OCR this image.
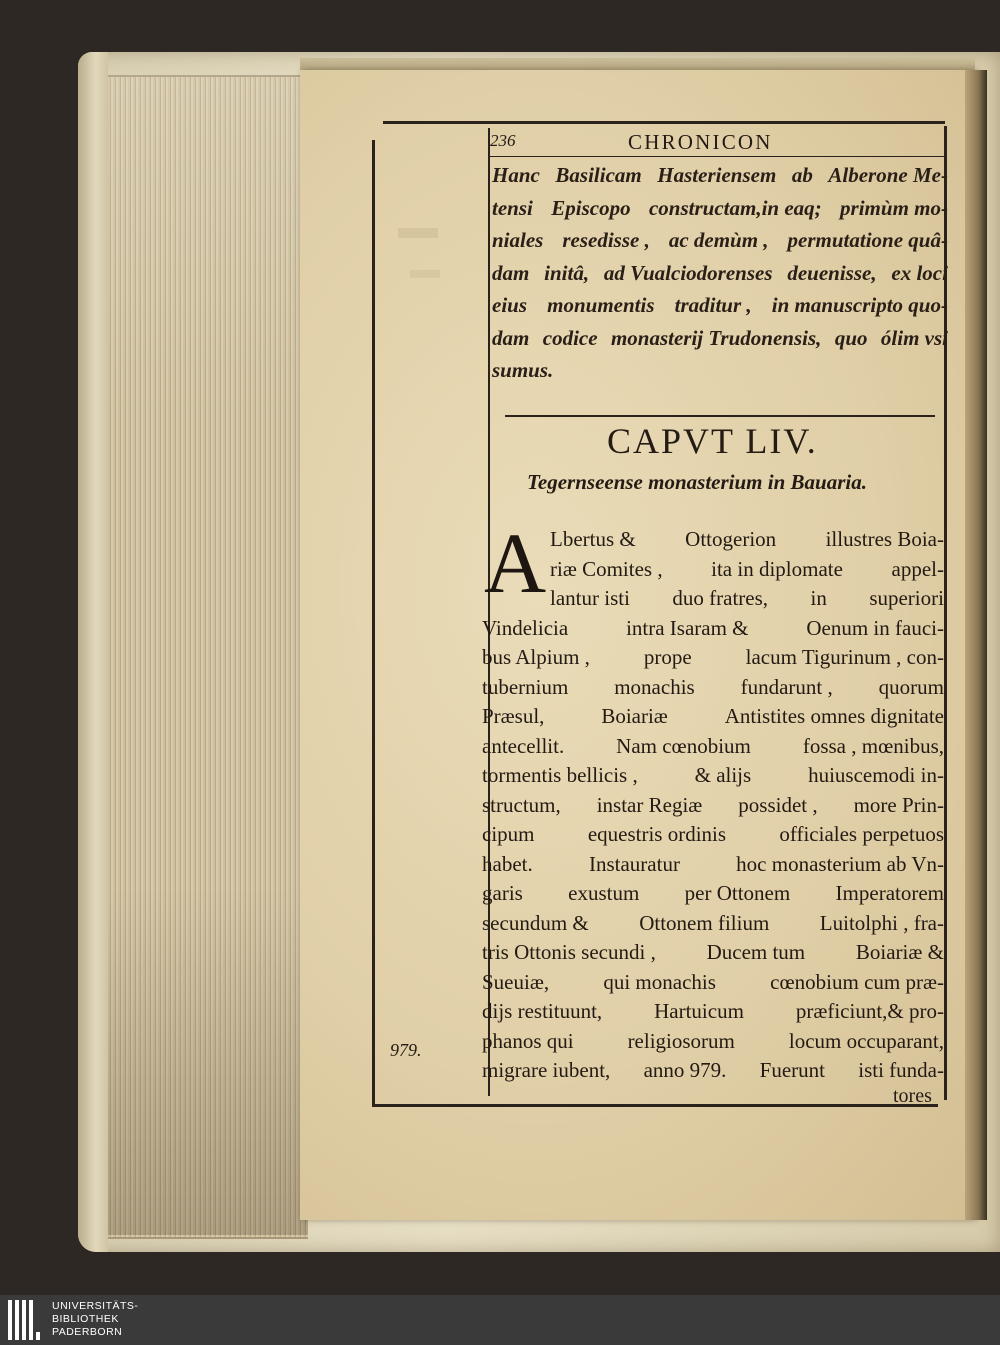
236	CHRONICON
Hanc Basilicam Hasteriensem ab Alberone Me-
tensi Episcopo constructam,in eaq; primùm mo-
niales resedisse , ac demùm , permutatione quâ-
dam initâ, ad Vualciodorenses deuenisse, ex loci
eius monumentis traditur , in manuscripto quo-
dam codice monasterij Trudonensis, quo ólim vsi
sumus.
CAPVT LIV.
Tegernseense monasterium in Bauaria.
A Lbertus & Ottogerion illustres Boia-
riæ Comites , ita in diplomate appel-
lantur isti duo fratres, in superiori
Vindelicia	intra Isaram &	Oenum in fauci-
bus Alpium ,	prope	lacum Tigurinum , con-
tubernium monachis fundarunt , quorum
Præsul,	Boiariæ	Antistites omnes dignitate
antecellit. Nam cœnobium fossa , mœnibus,
tormentis bellicis ,	& alijs	huiuscemodi in-
structum, instar Regiæ possidet , more Prin-
cipum	equestris ordinis	officiales perpetuos
habet.	Instauratur	hoc monasterium ab Vn-
garis exustum per Ottonem Imperatorem
secundum & Ottonem filium Luitolphi , fra-
tris Ottonis secundi , Ducem tum Boiariæ &
Sueuiæ,	qui monachis	cœnobium cum præ-
dijs restituunt, Hartuicum præficiunt,& pro-
phanos qui	religiosorum	locum occuparant,
migrare iubent, anno 979. Fuerunt isti funda-
979.
tores
UNIVERSITÄTS-
BIBLIOTHEK
PADERBORN
